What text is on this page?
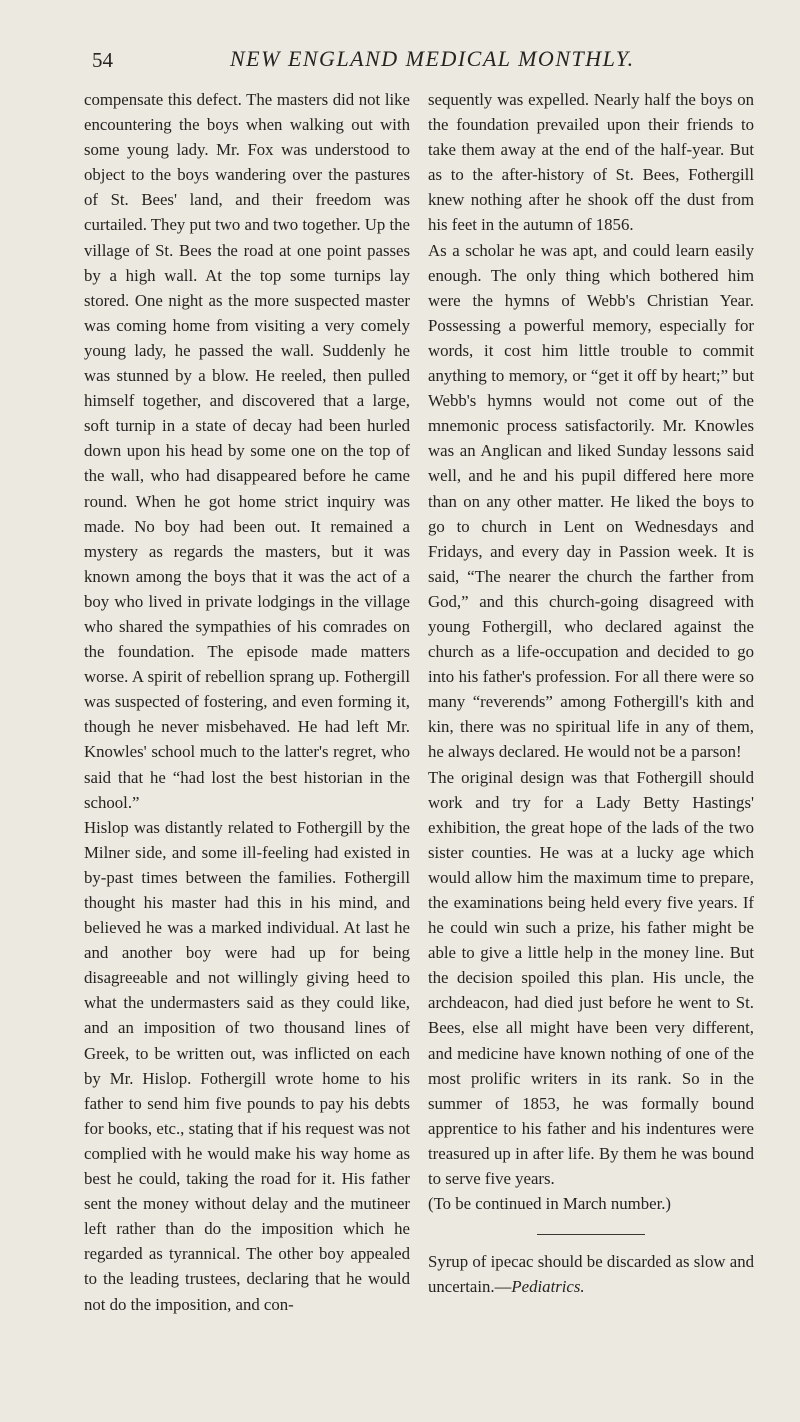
54	NEW ENGLAND MEDICAL MONTHLY.

compensate this defect. The masters did not like encountering the boys when walking out with some young lady. Mr. Fox was understood to object to the boys wandering over the pastures of St. Bees' land, and their freedom was curtailed. They put two and two together. Up the village of St. Bees the road at one point passes by a high wall. At the top some turnips lay stored. One night as the more suspected master was coming home from visiting a very comely young lady, he passed the wall. Suddenly he was stunned by a blow. He reeled, then pulled himself together, and discovered that a large, soft turnip in a state of decay had been hurled down upon his head by some one on the top of the wall, who had disappeared before he came round. When he got home strict inquiry was made. No boy had been out. It remained a mystery as regards the masters, but it was known among the boys that it was the act of a boy who lived in private lodgings in the village who shared the sympathies of his comrades on the foundation. The episode made matters worse. A spirit of rebellion sprang up. Fothergill was suspected of fostering, and even forming it, though he never misbehaved. He had left Mr. Knowles' school much to the latter's regret, who said that he “had lost the best historian in the school.”

Hislop was distantly related to Fothergill by the Milner side, and some ill-feeling had existed in by-past times between the families. Fothergill thought his master had this in his mind, and believed he was a marked individual. At last he and another boy were had up for being disagreeable and not willingly giving heed to what the undermasters said as they could like, and an imposition of two thousand lines of Greek, to be written out, was inflicted on each by Mr. Hislop. Fothergill wrote home to his father to send him five pounds to pay his debts for books, etc., stating that if his request was not complied with he would make his way home as best he could, taking the road for it. His father sent the money without delay and the mutineer left rather than do the imposition which he regarded as tyrannical. The other boy appealed to the leading trustees, declaring that he would not do the imposition, and con-

sequently was expelled. Nearly half the boys on the foundation prevailed upon their friends to take them away at the end of the half-year. But as to the after-history of St. Bees, Fothergill knew nothing after he shook off the dust from his feet in the autumn of 1856.

As a scholar he was apt, and could learn easily enough. The only thing which bothered him were the hymns of Webb's Christian Year. Possessing a powerful memory, especially for words, it cost him little trouble to commit anything to memory, or “get it off by heart;” but Webb's hymns would not come out of the mnemonic process satisfactorily. Mr. Knowles was an Anglican and liked Sunday lessons said well, and he and his pupil differed here more than on any other matter. He liked the boys to go to church in Lent on Wednesdays and Fridays, and every day in Passion week. It is said, “The nearer the church the farther from God,” and this church-going disagreed with young Fothergill, who declared against the church as a life-occupation and decided to go into his father's profession. For all there were so many “reverends” among Fothergill's kith and kin, there was no spiritual life in any of them, he always declared. He would not be a parson!

The original design was that Fothergill should work and try for a Lady Betty Hastings' exhibition, the great hope of the lads of the two sister counties. He was at a lucky age which would allow him the maximum time to prepare, the examinations being held every five years. If he could win such a prize, his father might be able to give a little help in the money line. But the decision spoiled this plan. His uncle, the archdeacon, had died just before he went to St. Bees, else all might have been very different, and medicine have known nothing of one of the most prolific writers in its rank. So in the summer of 1853, he was formally bound apprentice to his father and his indentures were treasured up in after life. By them he was bound to serve five years.

(To be continued in March number.)

Syrup of ipecac should be discarded as slow and uncertain.—Pediatrics.
